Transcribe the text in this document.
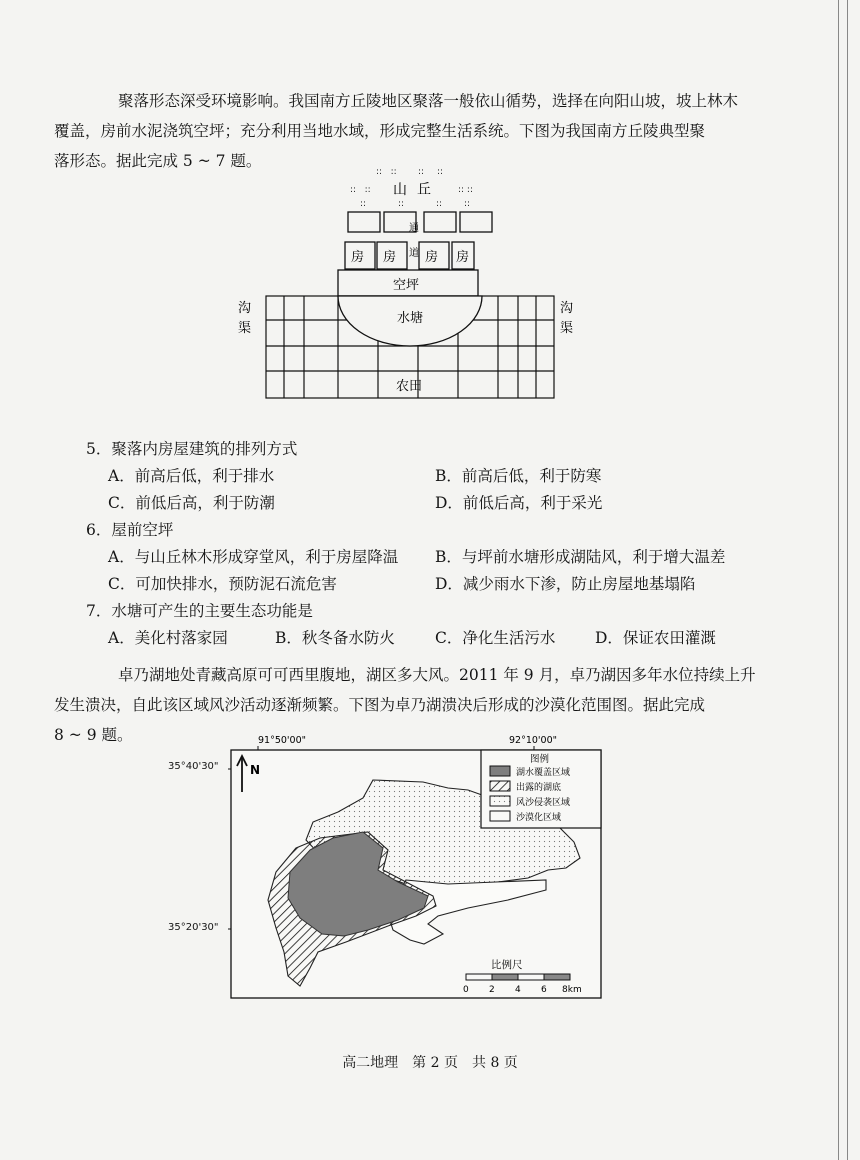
聚落形态深受环境影响。我国南方丘陵地区聚落一般依山循势，选择在向阳山坡，坡上林木
覆盖，房前水泥浇筑空坪；充分利用当地水域，形成完整生活系统。下图为我国南方丘陵典型聚
落形态。据此完成 5 ~ 7 题。

::   :: :: ::
::   ::	:: ::
::	::	:: ::
山丘
通
道
房 房 房 房
空坪
水塘
农田
沟渠
沟渠
5．聚落内房屋建筑的排列方式
A．前高后低，利于排水	B．前高后低，利于防寒
C．前低后高，利于防潮	D．前低后高，利于采光
6．屋前空坪
A．与山丘林木形成穿堂风，利于房屋降温 B．与坪前水塘形成湖陆风，利于增大温差
C．可加快排水，预防泥石流危害	D．减少雨水下渗，防止房屋地基塌陷
7．水塘可产生的主要生态功能是
A．美化村落家园	B．秋冬备水防火	C．净化生活污水	D．保证农田灌溉

卓乃湖地处青藏高原可可西里腹地，湖区多大风。2011 年 9 月，卓乃湖因多年水位持续上升
发生溃决，自此该区域风沙活动逐渐频繁。下图为卓乃湖溃决后形成的沙漠化范围图。据此完成
8 ~ 9 题。	91°50'00"	92°10'00"
N
图例
湖水覆盖区域
出露的湖底
风沙侵袭区域
沙漠化区域
比例尺
0 2 4 6 8km
35°40'30"
35°20'30"
高二地理　第 2 页　共 8 页
